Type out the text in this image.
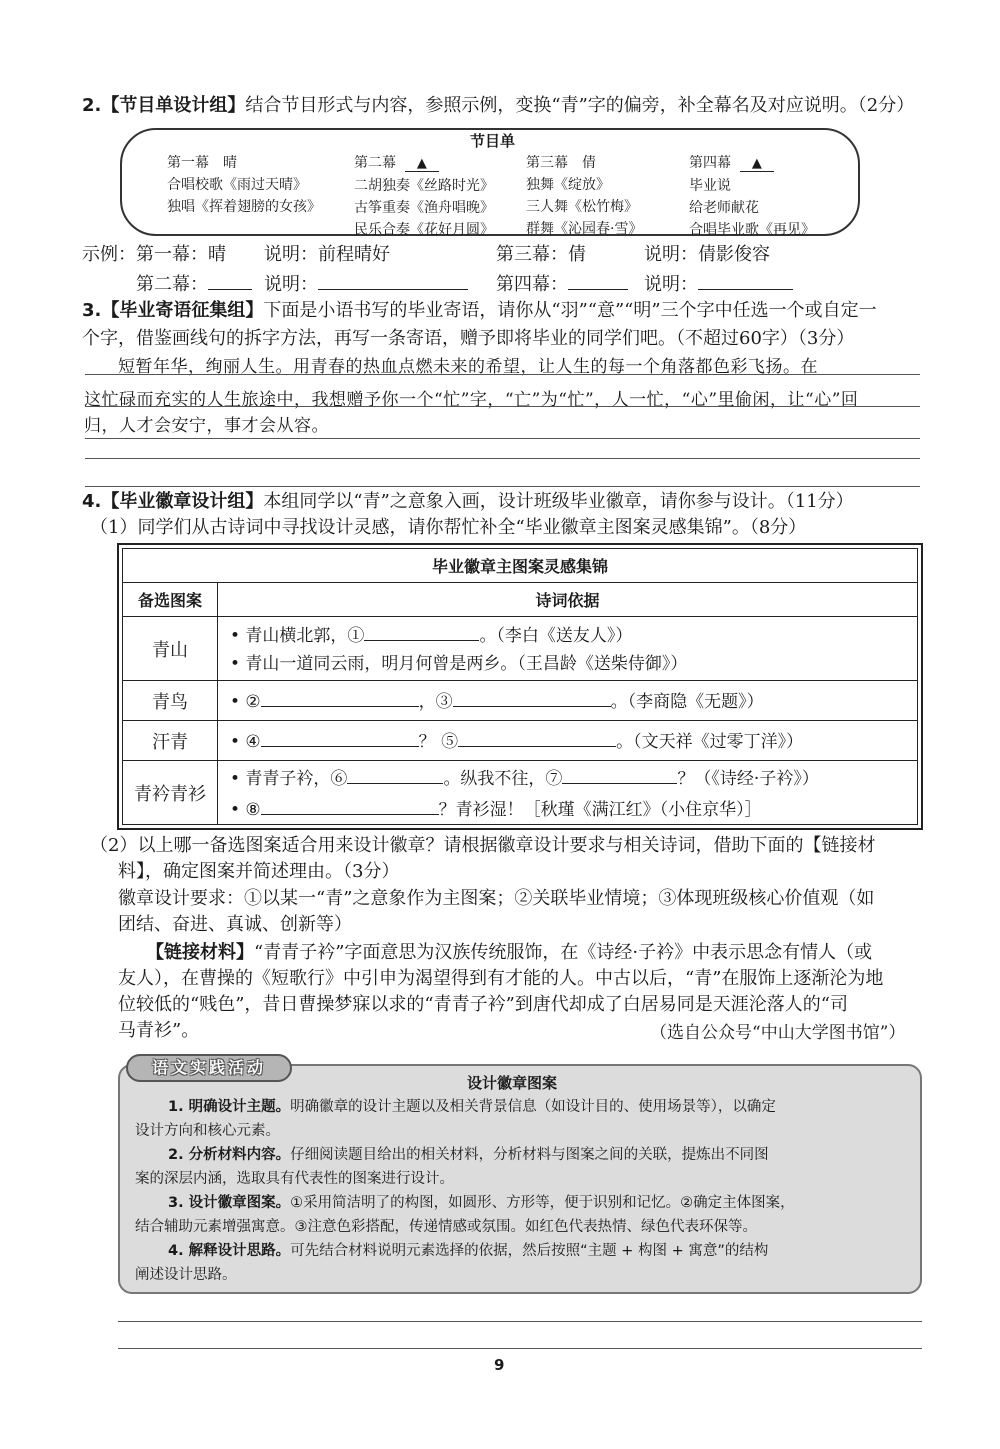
2.【节目单设计组】结合节目形式与内容，参照示例，变换“青”字的偏旁，补全幕名及对应说明。（2分）
节目单
第一幕　晴
合唱校歌《雨过天晴》
独唱《挥着翅膀的女孩》
第二幕 ▲
二胡独奏《丝路时光》
古筝重奏《渔舟唱晚》
民乐合奏《花好月圆》
第三幕　倩
独舞《绽放》
三人舞《松竹梅》
群舞《沁园春·雪》
第四幕 ▲
毕业说
给老师献花
合唱毕业歌《再见》
示例： 第一幕：晴 说明：前程晴好	第三幕：倩	说明：倩影俊容
第二幕：	说明：	第四幕：	说明：
3.【毕业寄语征集组】下面是小语书写的毕业寄语，请你从“羽”“意”“明”三个字中任选一个或自定一
个字，借鉴画线句的拆字方法，再写一条寄语，赠予即将毕业的同学们吧。（不超过60字）（3分）
短暂年华，绚丽人生。用青春的热血点燃未来的希望，让人生的每一个角落都色彩飞扬。在
这忙碌而充实的人生旅途中，我想赠予你一个“忙”字，“亡”为“忙”，人一忙，“心”里偷闲，让“心”回
归，人才会安宁，事才会从容。
4.【毕业徽章设计组】本组同学以“青”之意象入画，设计班级毕业徽章，请你参与设计。（11分）
（1）同学们从古诗词中寻找设计灵感，请你帮忙补全“毕业徽章主图案灵感集锦”。（8分）
毕业徽章主图案灵感集锦	
备选图案	诗词依据
青山	• 青山横北郭，① 。（李白《送友人》）
• 青山一道同云雨，明月何曾是两乡。（王昌龄《送柴侍御》）

青鸟	• ② ，③ 。（李商隐《无题》）
汗青	• ④ ？ ⑤ 。（文天祥《过零丁洋》）
青衿青衫	• 青青子衿，⑥ 。纵我不往，⑦ ？（《诗经·子衿》）
• ⑧ ？青衫湿！［秋瑾《满江红》（小住京华）］
（2）以上哪一备选图案适合用来设计徽章？请根据徽章设计要求与相关诗词，借助下面的【链接材
料】，确定图案并简述理由。（3分）
徽章设计要求：①以某一“青”之意象作为主图案；②关联毕业情境；③体现班级核心价值观（如
团结、奋进、真诚、创新等）
【链接材料】“青青子衿”字面意思为汉族传统服饰，在《诗经·子衿》中表示思念有情人（或
友人），在曹操的《短歌行》中引申为渴望得到有才能的人。中古以后，“青”在服饰上逐渐沦为地
位较低的“贱色”，昔日曹操梦寐以求的“青青子衿”到唐代却成了白居易同是天涯沦落人的“司
马青衫”。	（选自公众号“中山大学图书馆”）
语文实践活动
设计徽章图案
1. 明确设计主题。明确徽章的设计主题以及相关背景信息（如设计目的、使用场景等），以确定
设计方向和核心元素。
2. 分析材料内容。仔细阅读题目给出的相关材料，分析材料与图案之间的关联，提炼出不同图
案的深层内涵，选取具有代表性的图案进行设计。
3. 设计徽章图案。①采用简洁明了的构图，如圆形、方形等，便于识别和记忆。②确定主体图案，
结合辅助元素增强寓意。③注意色彩搭配，传递情感或氛围。如红色代表热情、绿色代表环保等。
4. 解释设计思路。可先结合材料说明元素选择的依据，然后按照“主题 + 构图 + 寓意”的结构
阐述设计思路。
9
